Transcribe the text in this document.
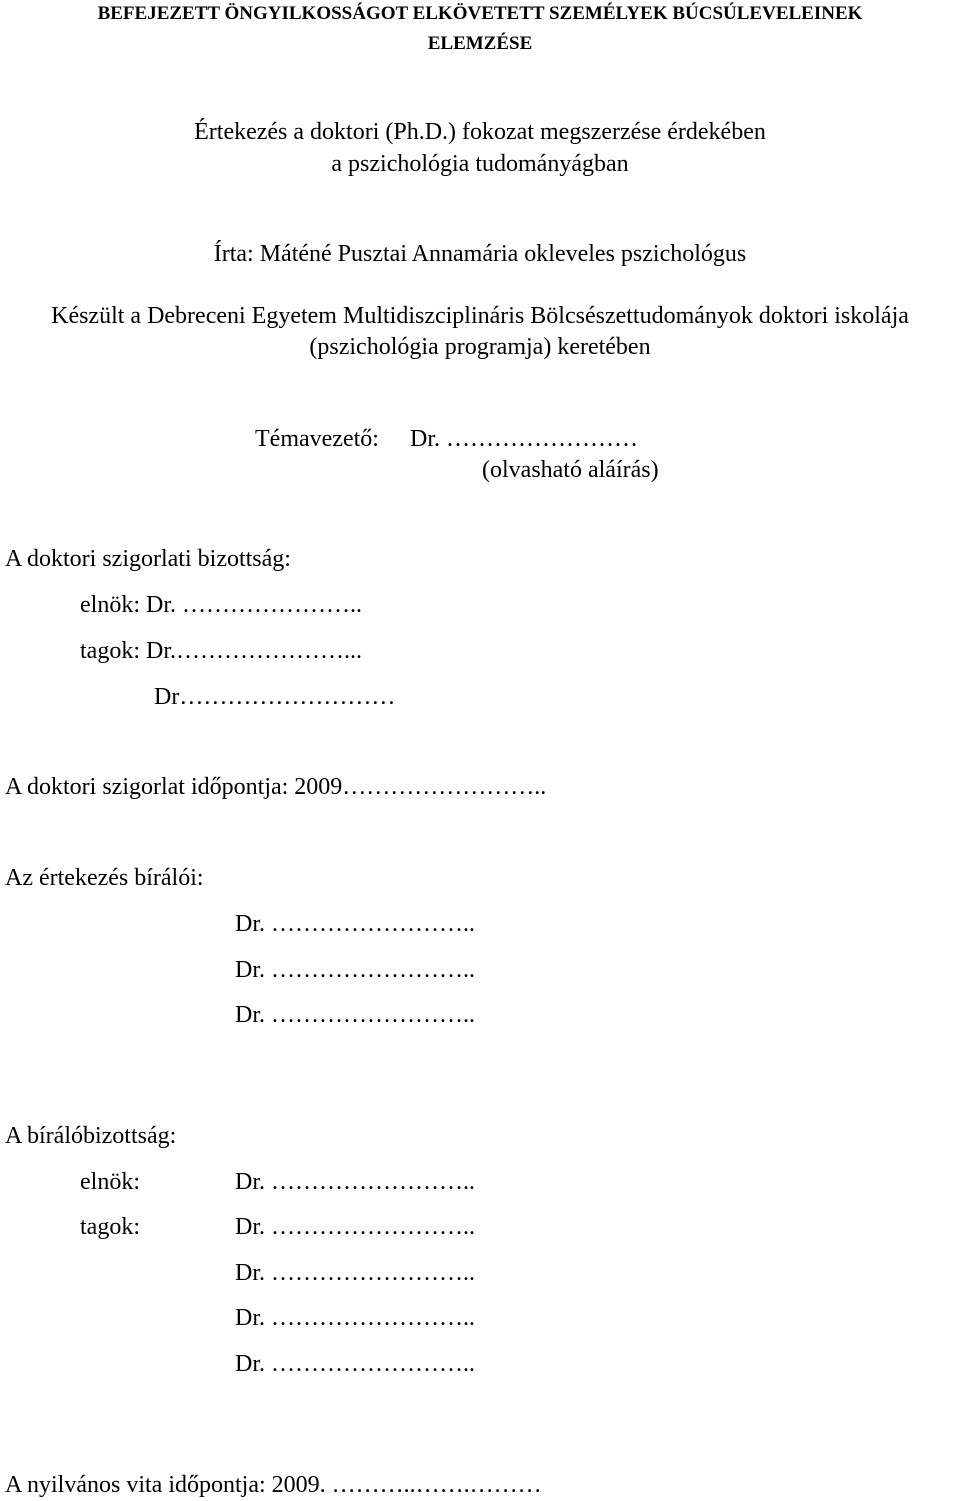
BEFEJEZETT ÖNGYILKOSSÁGOT ELKÖVETETT SZEMÉLYEK BÚCSÚLEVELEINEK
ELEMZÉSE
Értekezés a doktori (Ph.D.) fokozat megszerzése érdekében
a pszichológia tudományágban
Írta: Máténé Pusztai Annamária okleveles pszichológus
Készült a Debreceni Egyetem Multidiszciplináris Bölcsészettudományok doktori iskolája
(pszichológia programja) keretében
Témavezető: Dr. ……………………
(olvasható aláírás)
A doktori szigorlati bizottság:
elnök: Dr. …………………..
tagok: Dr.…………………...
Dr………………………
A doktori szigorlat időpontja: 2009……………………..
Az értekezés bírálói:
Dr. ……………………..
Dr. ……………………..
Dr. ……………………..
A bírálóbizottság:
elnök:	Dr. ……………………..
tagok:	Dr. ……………………..
Dr. ……………………..
Dr. ……………………..
Dr. ……………………..
A nyilvános vita időpontja: 2009. ………..…….………
